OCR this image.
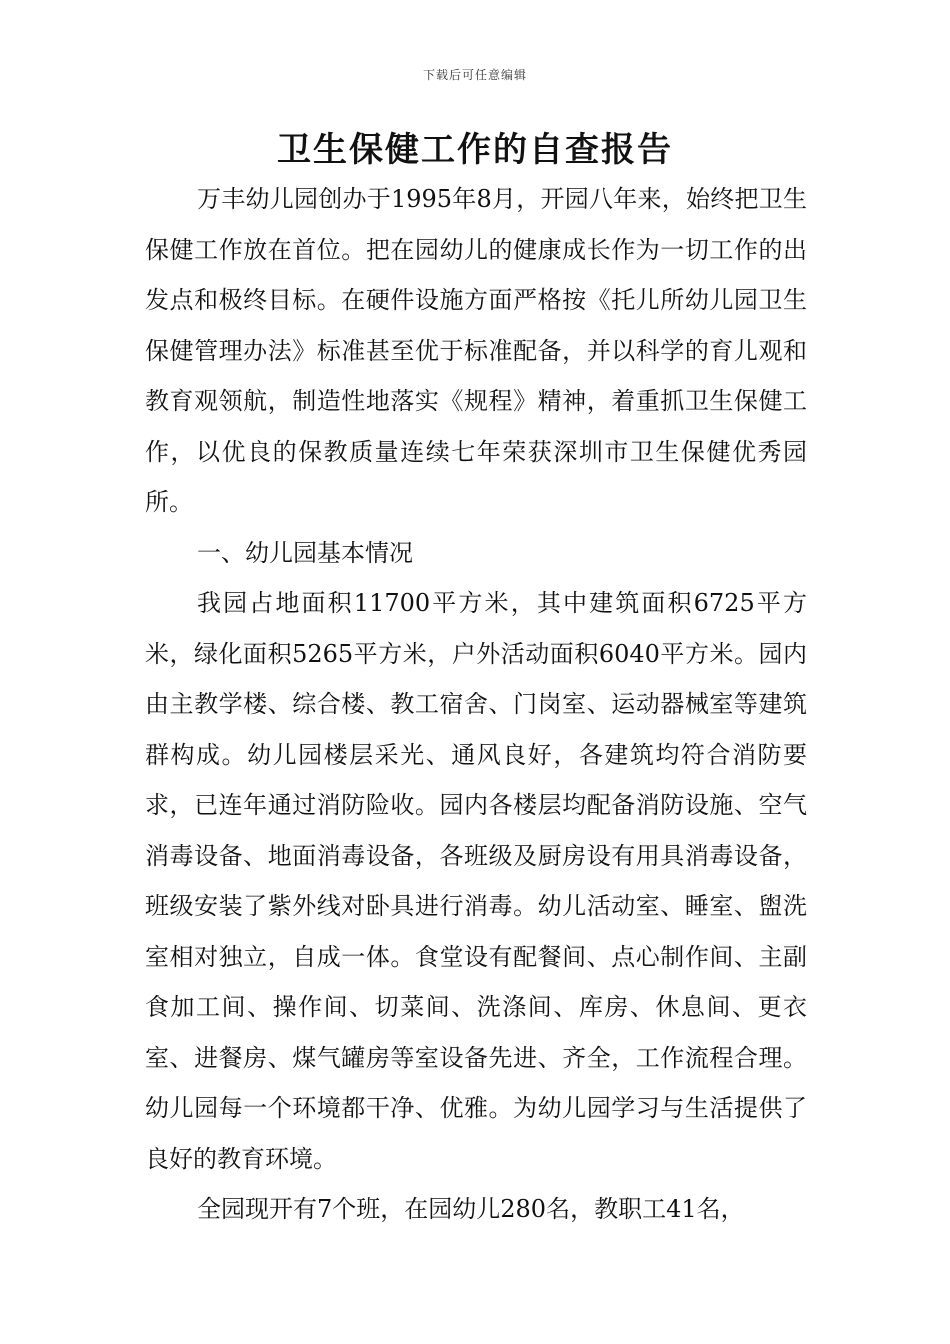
下载后可任意编辑
卫生保健工作的自查报告

万丰幼儿园创办于1995年8月，开园八年来，始终把卫生保健工作放在首位。把在园幼儿的健康成长作为一切工作的出发点和极终目标。在硬件设施方面严格按《托儿所幼儿园卫生保健管理办法》标准甚至优于标准配备，并以科学的育儿观和教育观领航，制造性地落实《规程》精神，着重抓卫生保健工作，以优良的保教质量连续七年荣获深圳市卫生保健优秀园所。

一、幼儿园基本情况

我园占地面积11700平方米，其中建筑面积6725平方米，绿化面积5265平方米，户外活动面积6040平方米。园内由主教学楼、综合楼、教工宿舍、门岗室、运动器械室等建筑群构成。幼儿园楼层采光、通风良好，各建筑均符合消防要求，已连年通过消防险收。园内各楼层均配备消防设施、空气消毒设备、地面消毒设备，各班级及厨房设有用具消毒设备，班级安装了紫外线对卧具进行消毒。幼儿活动室、睡室、盥洗室相对独立，自成一体。食堂设有配餐间、点心制作间、主副食加工间、操作间、切菜间、洗涤间、库房、休息间、更衣室、进餐房、煤气罐房等室设备先进、齐全，工作流程合理。幼儿园每一个环境都干净、优雅。为幼儿园学习与生活提供了良好的教育环境。

全园现开有7个班，在园幼儿280名，教职工41名，
